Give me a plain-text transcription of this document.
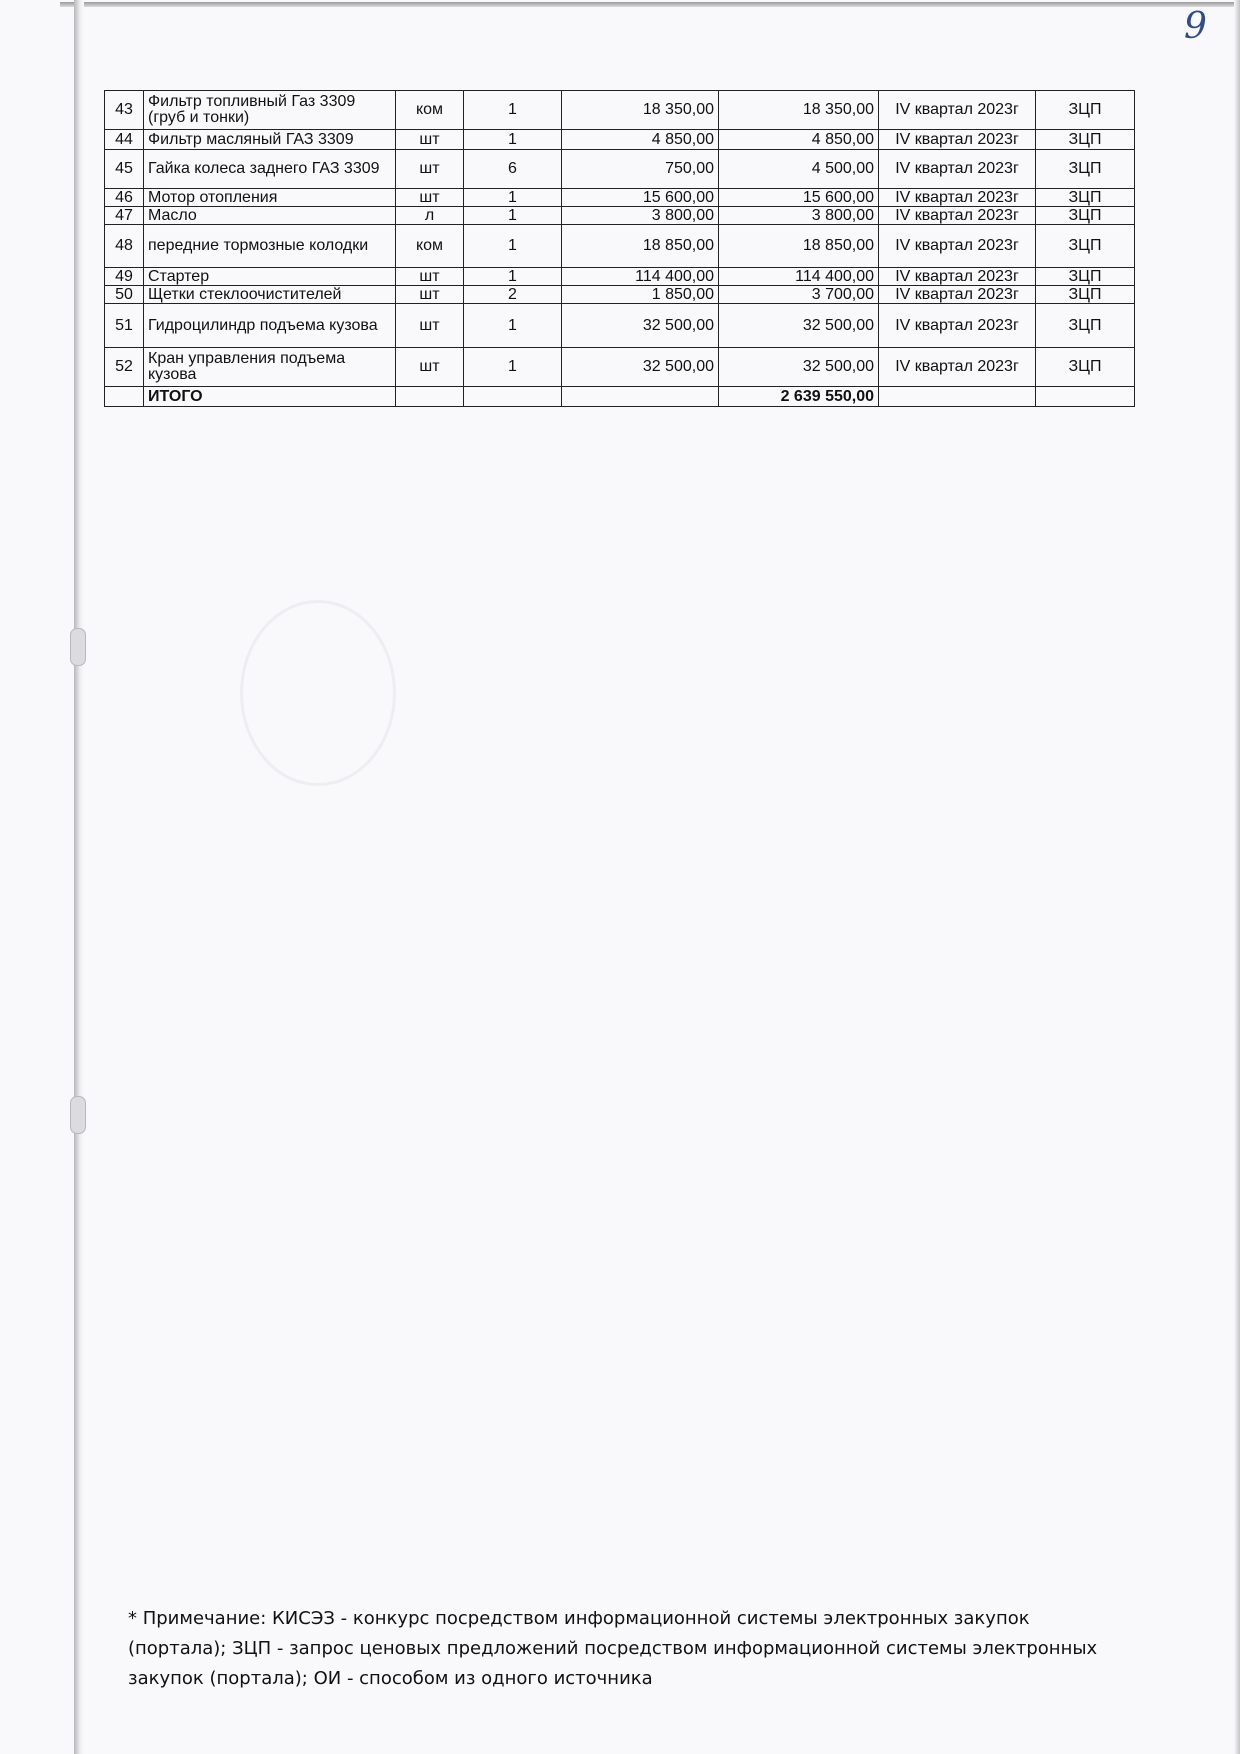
9
43	Фильтр топливный Газ 3309 (груб и тонки)	ком	1	18 350,00	18 350,00	IV квартал 2023г	ЗЦП
44	Фильтр масляный ГАЗ 3309	шт	1	4 850,00	4 850,00	IV квартал 2023г	ЗЦП
45	Гайка колеса заднего ГАЗ 3309	шт	6	750,00	4 500,00	IV квартал 2023г	ЗЦП
46	Мотор отопления	шт	1	15 600,00	15 600,00	IV квартал 2023г	ЗЦП
47	Масло	л	1	3 800,00	3 800,00	IV квартал 2023г	ЗЦП
48	передние тормозные колодки	ком	1	18 850,00	18 850,00	IV квартал 2023г	ЗЦП
49	Стартер	шт	1	114 400,00	114 400,00	IV квартал 2023г	ЗЦП
50	Щетки стеклоочистителей	шт	2	1 850,00	3 700,00	IV квартал 2023г	ЗЦП
51	Гидроцилиндр подъема кузова	шт	1	32 500,00	32 500,00	IV квартал 2023г	ЗЦП
52	Кран управления подъема кузова	шт	1	32 500,00	32 500,00	IV квартал 2023г	ЗЦП
	ИТОГО				2 639 550,00		
* Примечание: КИСЭЗ - конкурс посредством информационной системы электронных закупок (портала); ЗЦП - запрос ценовых предложений посредством информационной системы электронных закупок (портала); ОИ - способом из одного источника
